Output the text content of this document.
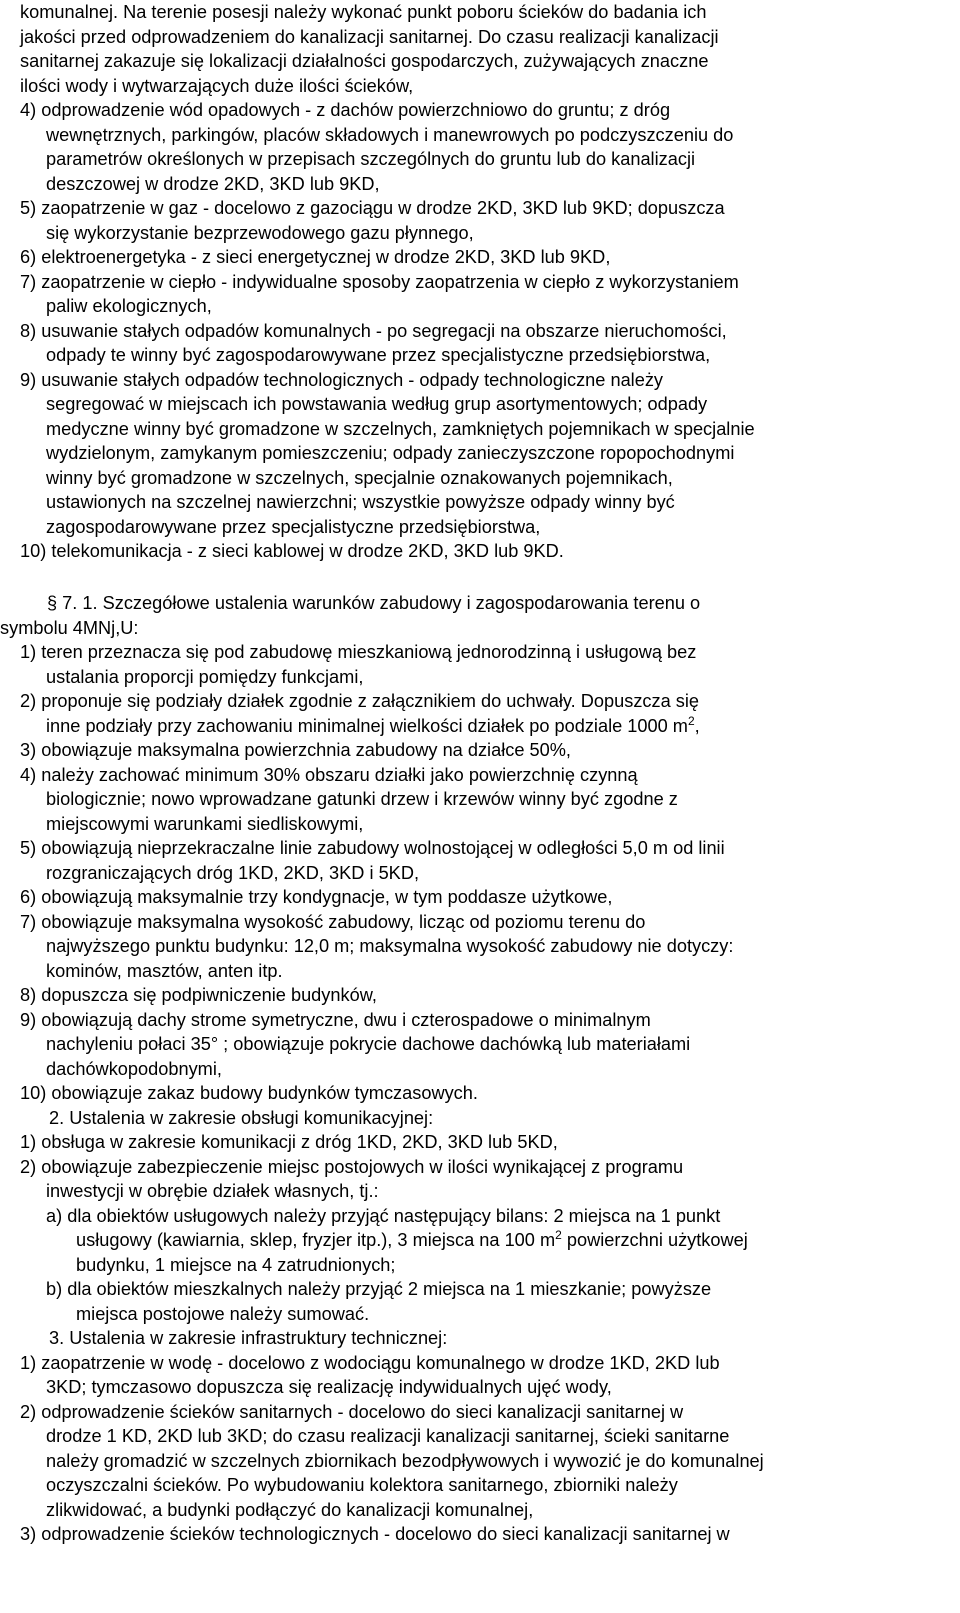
komunalnej. Na terenie posesji należy wykonać punkt poboru ścieków do badania ich
jakości przed odprowadzeniem do kanalizacji sanitarnej. Do czasu realizacji kanalizacji
sanitarnej zakazuje się lokalizacji działalności gospodarczych, zużywających znaczne
ilości wody i wytwarzających duże ilości ścieków,
4) odprowadzenie wód opadowych - z dachów powierzchniowo do gruntu; z dróg
wewnętrznych, parkingów, placów składowych i manewrowych po podczyszczeniu do
parametrów określonych w przepisach szczególnych do gruntu lub do kanalizacji
deszczowej w drodze 2KD, 3KD lub 9KD,
5) zaopatrzenie w gaz - docelowo z gazociągu w drodze 2KD, 3KD lub 9KD; dopuszcza
się wykorzystanie bezprzewodowego gazu płynnego,
6) elektroenergetyka - z sieci energetycznej w drodze 2KD, 3KD lub 9KD,
7) zaopatrzenie w ciepło - indywidualne sposoby zaopatrzenia w ciepło z wykorzystaniem
paliw ekologicznych,
8) usuwanie stałych odpadów komunalnych - po segregacji na obszarze nieruchomości,
odpady te winny być zagospodarowywane przez specjalistyczne przedsiębiorstwa,
9) usuwanie stałych odpadów technologicznych - odpady technologiczne należy
segregować w miejscach ich powstawania według grup asortymentowych; odpady
medyczne winny być gromadzone w szczelnych, zamkniętych pojemnikach w specjalnie
wydzielonym, zamykanym pomieszczeniu; odpady zanieczyszczone ropopochodnymi
winny być gromadzone w szczelnych, specjalnie oznakowanych pojemnikach,
ustawionych na szczelnej nawierzchni; wszystkie powyższe odpady winny być
zagospodarowywane przez specjalistyczne przedsiębiorstwa,
10) telekomunikacja - z sieci kablowej w drodze 2KD, 3KD lub 9KD.
§ 7. 1. Szczegółowe ustalenia warunków zabudowy i zagospodarowania terenu o
symbolu 4MNj,U:
1) teren przeznacza się pod zabudowę mieszkaniową jednorodzinną i usługową bez
ustalania proporcji pomiędzy funkcjami,
2) proponuje się podziały działek zgodnie z załącznikiem do uchwały. Dopuszcza się
inne podziały przy zachowaniu minimalnej wielkości działek po podziale 1000 $m^2$,
3) obowiązuje maksymalna powierzchnia zabudowy na działce 50%,
4) należy zachować minimum 30% obszaru działki jako powierzchnię czynną
biologicznie; nowo wprowadzane gatunki drzew i krzewów winny być zgodne z
miejscowymi warunkami siedliskowymi,
5) obowiązują nieprzekraczalne linie zabudowy wolnostojącej w odległości 5,0 m od linii
rozgraniczających dróg 1KD, 2KD, 3KD i 5KD,
6) obowiązują maksymalnie trzy kondygnacje, w tym poddasze użytkowe,
7) obowiązuje maksymalna wysokość zabudowy, licząc od poziomu terenu do
najwyższego punktu budynku: 12,0 m; maksymalna wysokość zabudowy nie dotyczy:
kominów, masztów, anten itp.
8) dopuszcza się podpiwniczenie budynków,
9) obowiązują dachy strome symetryczne, dwu i czterospadowe o minimalnym
nachyleniu połaci 35° ; obowiązuje pokrycie dachowe dachówką lub materiałami
dachówkopodobnymi,
10) obowiązuje zakaz budowy budynków tymczasowych.
2. Ustalenia w zakresie obsługi komunikacyjnej:
1) obsługa w zakresie komunikacji z dróg 1KD, 2KD, 3KD lub 5KD,
2) obowiązuje zabezpieczenie miejsc postojowych w ilości wynikającej z programu
inwestycji w obrębie działek własnych, tj.:
a) dla obiektów usługowych należy przyjąć następujący bilans: 2 miejsca na 1 punkt
usługowy (kawiarnia, sklep, fryzjer itp.), 3 miejsca na 100 $m^2$ powierzchni użytkowej
budynku, 1 miejsce na 4 zatrudnionych;
b) dla obiektów mieszkalnych należy przyjąć 2 miejsca na 1 mieszkanie; powyższe
miejsca postojowe należy sumować.
3. Ustalenia w zakresie infrastruktury technicznej:
1) zaopatrzenie w wodę - docelowo z wodociągu komunalnego w drodze 1KD, 2KD lub
3KD; tymczasowo dopuszcza się realizację indywidualnych ujęć wody,
2) odprowadzenie ścieków sanitarnych - docelowo do sieci kanalizacji sanitarnej w
drodze 1 KD, 2KD lub 3KD; do czasu realizacji kanalizacji sanitarnej, ścieki sanitarne
należy gromadzić w szczelnych zbiornikach bezodpływowych i wywozić je do komunalnej
oczyszczalni ścieków. Po wybudowaniu kolektora sanitarnego, zbiorniki należy
zlikwidować, a budynki podłączyć do kanalizacji komunalnej,
3) odprowadzenie ścieków technologicznych - docelowo do sieci kanalizacji sanitarnej w
